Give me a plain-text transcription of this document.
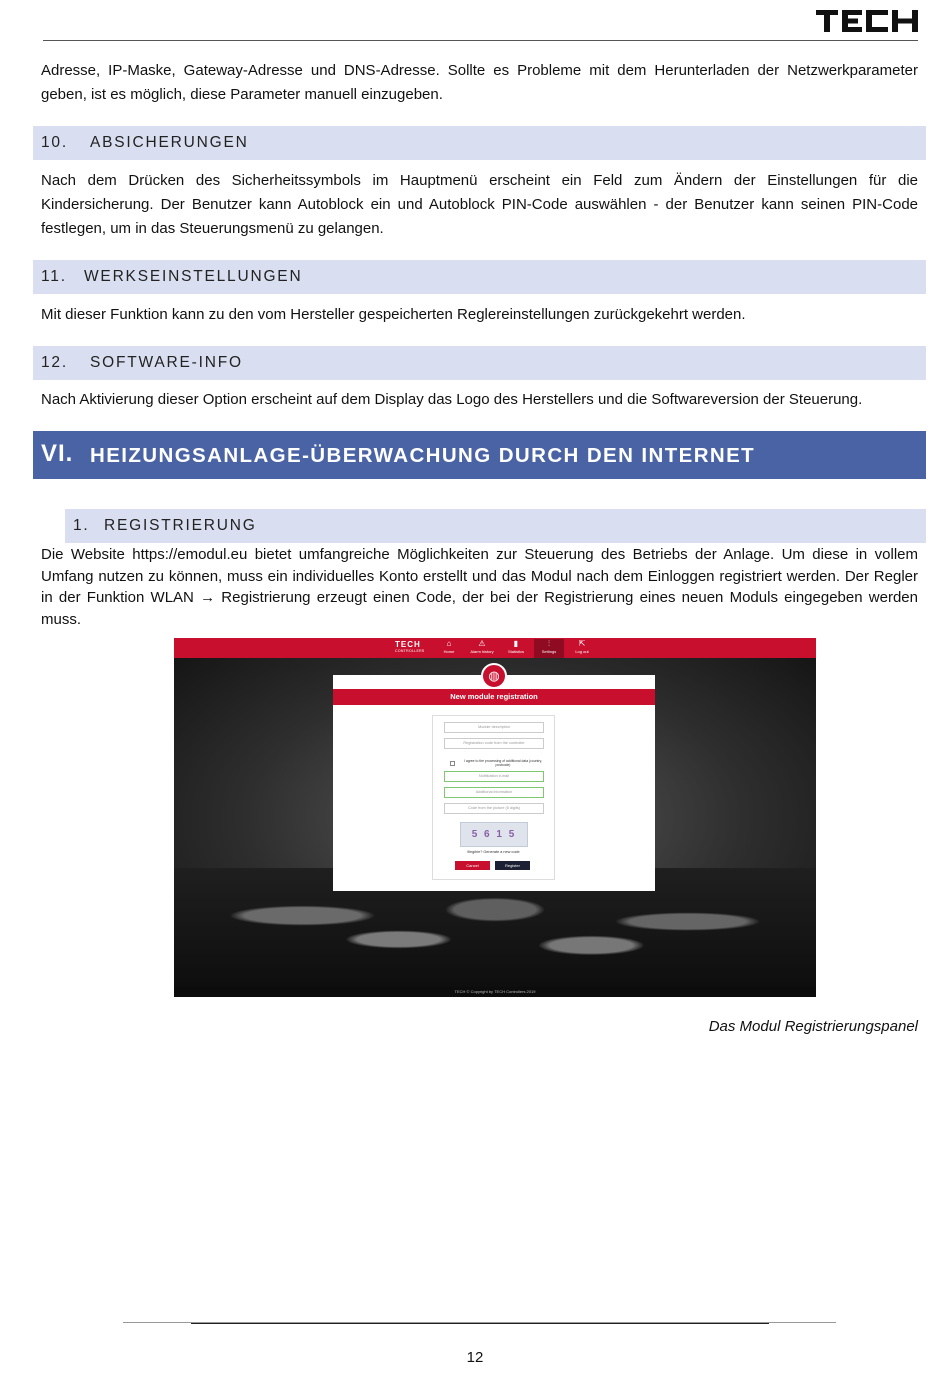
Adresse, IP-Maske, Gateway-Adresse und DNS-Adresse. Sollte es Probleme mit dem Herunterladen der Netzwerkparameter geben, ist es möglich, diese Parameter manuell einzugeben.

10. ABSICHERUNGEN

Nach dem Drücken des Sicherheitssymbols im Hauptmenü erscheint ein Feld zum Ändern der Einstellungen für die Kindersicherung. Der Benutzer kann Autoblock ein und Autoblock PIN-Code auswählen - der Benutzer kann seinen PIN-Code festlegen, um in das Steuerungsmenü zu gelangen.

11. WERKSEINSTELLUNGEN

Mit dieser Funktion kann zu den vom Hersteller gespeicherten Reglereinstellungen zurückgekehrt werden.

12. SOFTWARE-INFO

Nach Aktivierung dieser Option erscheint auf dem Display das Logo des Herstellers und die Softwareversion der Steuerung.

VI. HEIZUNGSANLAGE-ÜBERWACHUNG DURCH DEN INTERNET
1. REGISTRIERUNG

Die Website https://emodul.eu bietet umfangreiche Möglichkeiten zur Steuerung des Betriebs der Anlage. Um diese in vollem Umfang nutzen zu können, muss ein individuelles Konto erstellt und das Modul nach dem Einloggen registriert werden. Der Regler in der Funktion WLAN → Registrierung erzeugt einen Code, der bei der Registrierung eines neuen Moduls eingegeben werden muss.

TECH
CONTROLLERS
⌂
Home
⚠
Alarm history
▮
Statistics
⫶
Settings
⇱
Log out
New module registration
◍
Module description
Registration code from the controller
I agree to the processing of additional data (country, postcode)
Notification e-mail
Additional information
Code from the picture (5 digits)
5 6 1 5
Illegible? Generate a new code
Cancel	Register
TECH © Copyright by TECH Controllers 2019
Das Modul Registrierungspanel
12
